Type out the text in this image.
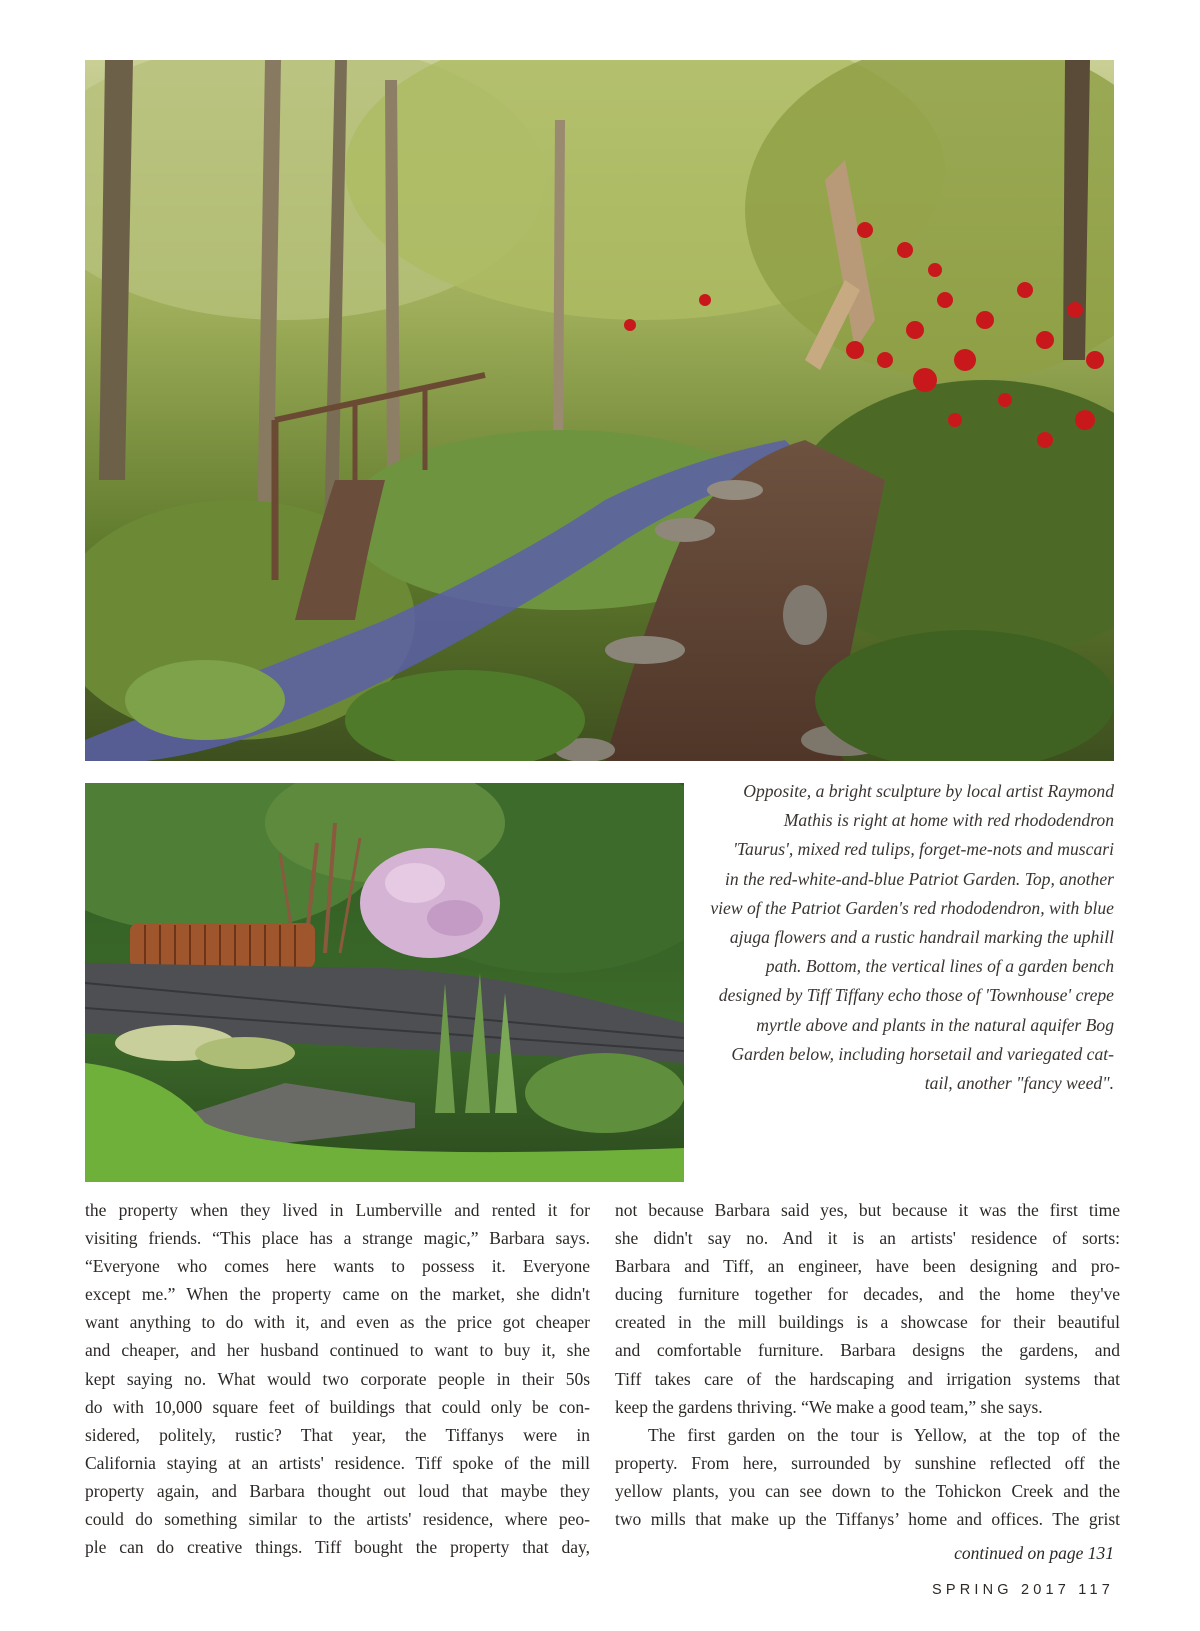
Opposite, a bright sculpture by local artist Raymond
Mathis is right at home with red rhododendron
'Taurus', mixed red tulips, forget-me-nots and muscari
in the red-white-and-blue Patriot Garden. Top, another
view of the Patriot Garden's red rhododendron, with blue
ajuga flowers and a rustic handrail marking the uphill
path. Bottom, the vertical lines of a garden bench
designed by Tiff Tiffany echo those of 'Townhouse' crepe
myrtle above and plants in the natural aquifer Bog
Garden below, including horsetail and variegated cat-
tail, another "fancy weed".

the property when they lived in Lumberville and rented it for
visiting friends. “This place has a strange magic,” Barbara says.
“Everyone who comes here wants to possess it. Everyone
except me.” When the property came on the market, she didn't
want anything to do with it, and even as the price got cheaper
and cheaper, and her husband continued to want to buy it, she
kept saying no. What would two corporate people in their 50s
do with 10,000 square feet of buildings that could only be con-
sidered, politely, rustic? That year, the Tiffanys were in
California staying at an artists' residence. Tiff spoke of the mill
property again, and Barbara thought out loud that maybe they
could do something similar to the artists' residence, where peo-
ple can do creative things. Tiff bought the property that day,

not because Barbara said yes, but because it was the first time
she didn't say no. And it is an artists' residence of sorts:
Barbara and Tiff, an engineer, have been designing and pro-
ducing furniture together for decades, and the home they've
created in the mill buildings is a showcase for their beautiful
and comfortable furniture. Barbara designs the gardens, and
Tiff takes care of the hardscaping and irrigation systems that
keep the gardens thriving. “We make a good team,” she says.

The first garden on the tour is Yellow, at the top of the
property. From here, surrounded by sunshine reflected off the
yellow plants, you can see down to the Tohickon Creek and the
two mills that make up the Tiffanys’ home and offices. The grist

continued on page 131
SPRING 2017 117
